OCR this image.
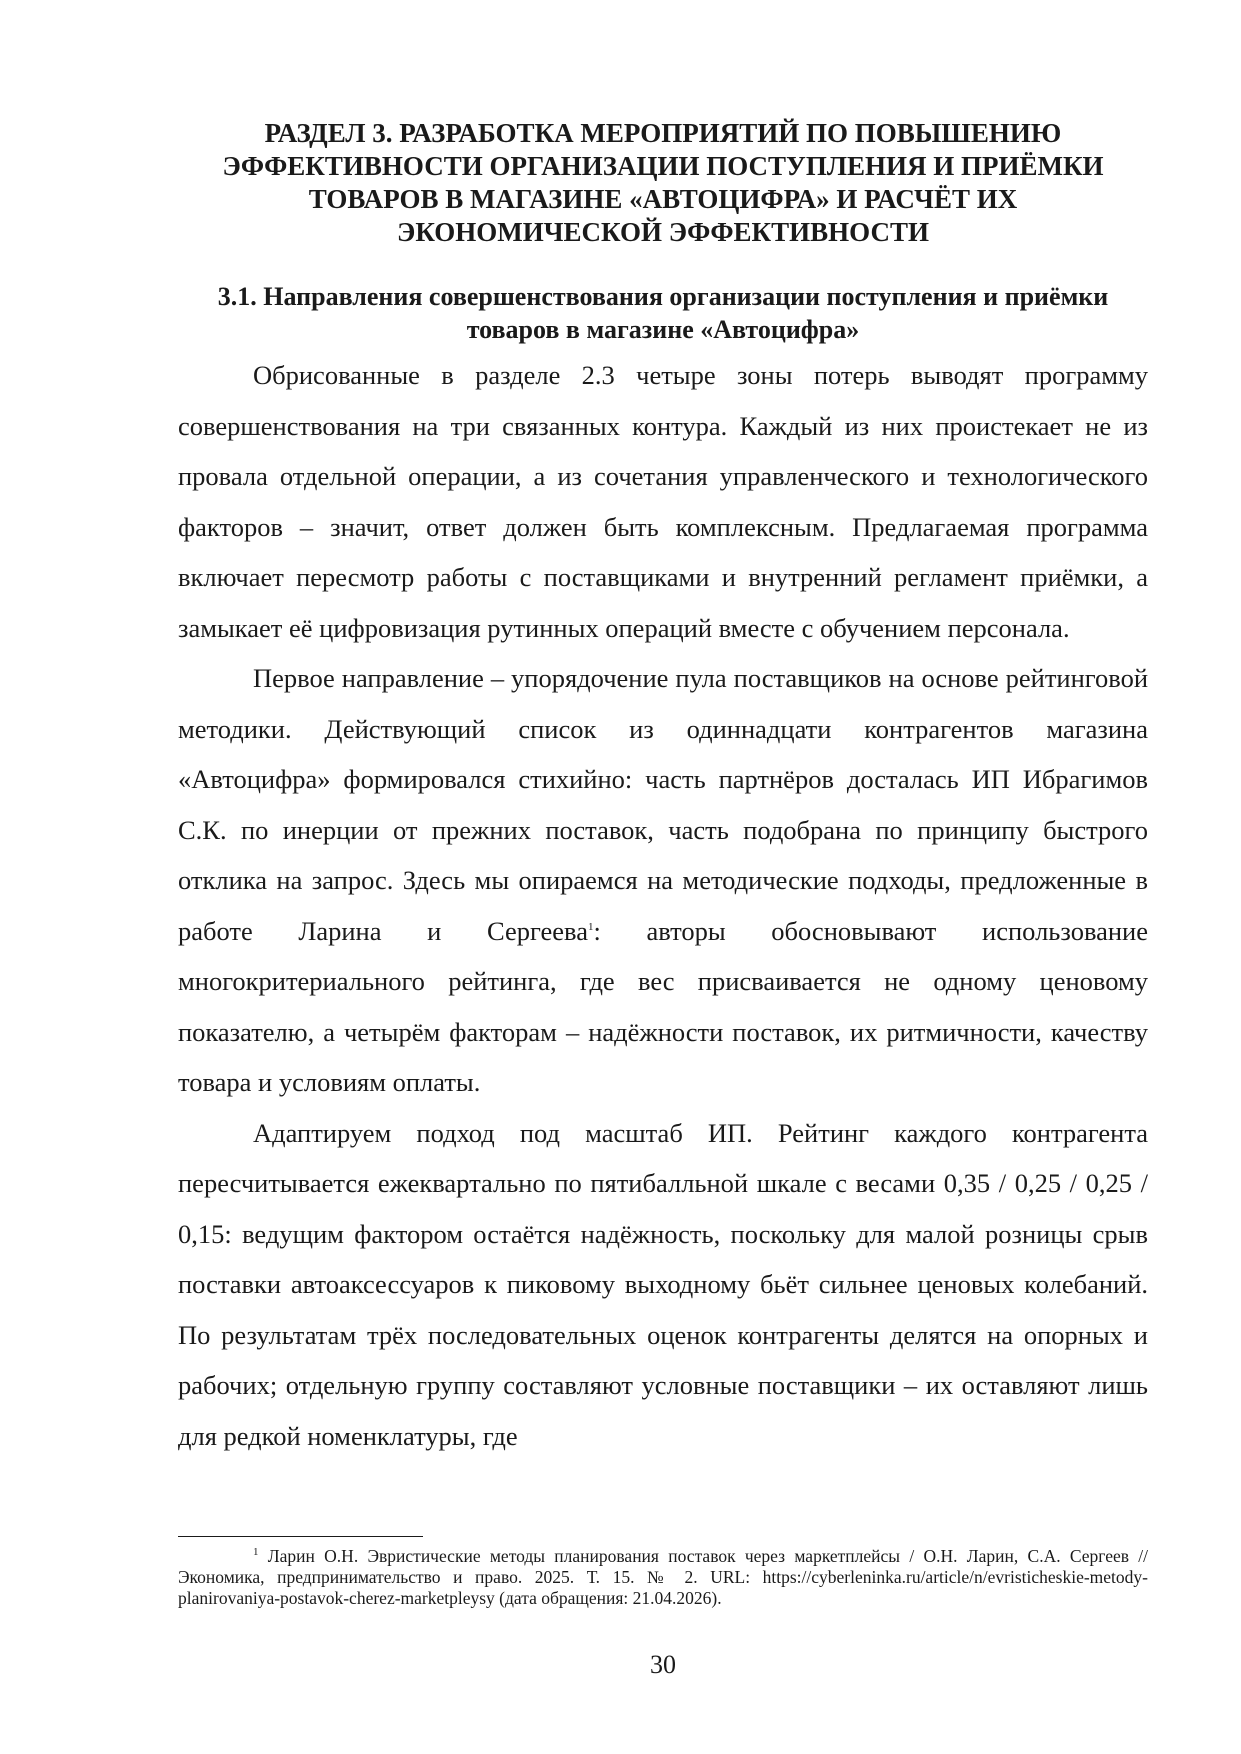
РАЗДЕЛ 3. РАЗРАБОТКА МЕРОПРИЯТИЙ ПО ПОВЫШЕНИЮ ЭФФЕКТИВНОСТИ ОРГАНИЗАЦИИ ПОСТУПЛЕНИЯ И ПРИЁМКИ ТОВАРОВ В МАГАЗИНЕ «АВТОЦИФРА» И РАСЧЁТ ИХ ЭКОНОМИЧЕСКОЙ ЭФФЕКТИВНОСТИ
3.1. Направления совершенствования организации поступления и приёмки товаров в магазине «Автоцифра»

Обрисованные в разделе 2.3 четыре зоны потерь выводят программу совершенствования на три связанных контура. Каждый из них проистекает не из провала отдельной операции, а из сочетания управленческого и технологического факторов – значит, ответ должен быть комплексным. Предлагаемая программа включает пересмотр работы с поставщиками и внутренний регламент приёмки, а замыкает её цифровизация рутинных операций вместе с обучением персонала.

Первое направление – упорядочение пула поставщиков на основе рейтинговой методики. Действующий список из одиннадцати контрагентов магазина «Автоцифра» формировался стихийно: часть партнёров досталась ИП Ибрагимов С.К. по инерции от прежних поставок, часть подобрана по принципу быстрого отклика на запрос. Здесь мы опираемся на методические подходы, предложенные в работе Ларина и Сергеева$^1$: авторы обосновывают использование многокритериального рейтинга, где вес присваивается не одному ценовому показателю, а четырём факторам – надёжности поставок, их ритмичности, качеству товара и условиям оплаты.

Адаптируем подход под масштаб ИП. Рейтинг каждого контрагента пересчитывается ежеквартально по пятибалльной шкале с весами 0,35 / 0,25 / 0,25 / 0,15: ведущим фактором остаётся надёжность, поскольку для малой розницы срыв поставки автоаксессуаров к пиковому выходному бьёт сильнее ценовых колебаний. По результатам трёх последовательных оценок контрагенты делятся на опорных и рабочих; отдельную группу составляют условные поставщики – их оставляют лишь для редкой номенклатуры, где

$^1$ Ларин О.Н. Эвристические методы планирования поставок через маркетплейсы / О.Н. Ларин, С.А. Сергеев // Экономика, предпринимательство и право. 2025. Т. 15. № 2. URL: https://cyberleninka.ru/article/n/evristicheskie-metody-planirovaniya-postavok-cherez-marketpleysy (дата обращения: 21.04.2026).

30
